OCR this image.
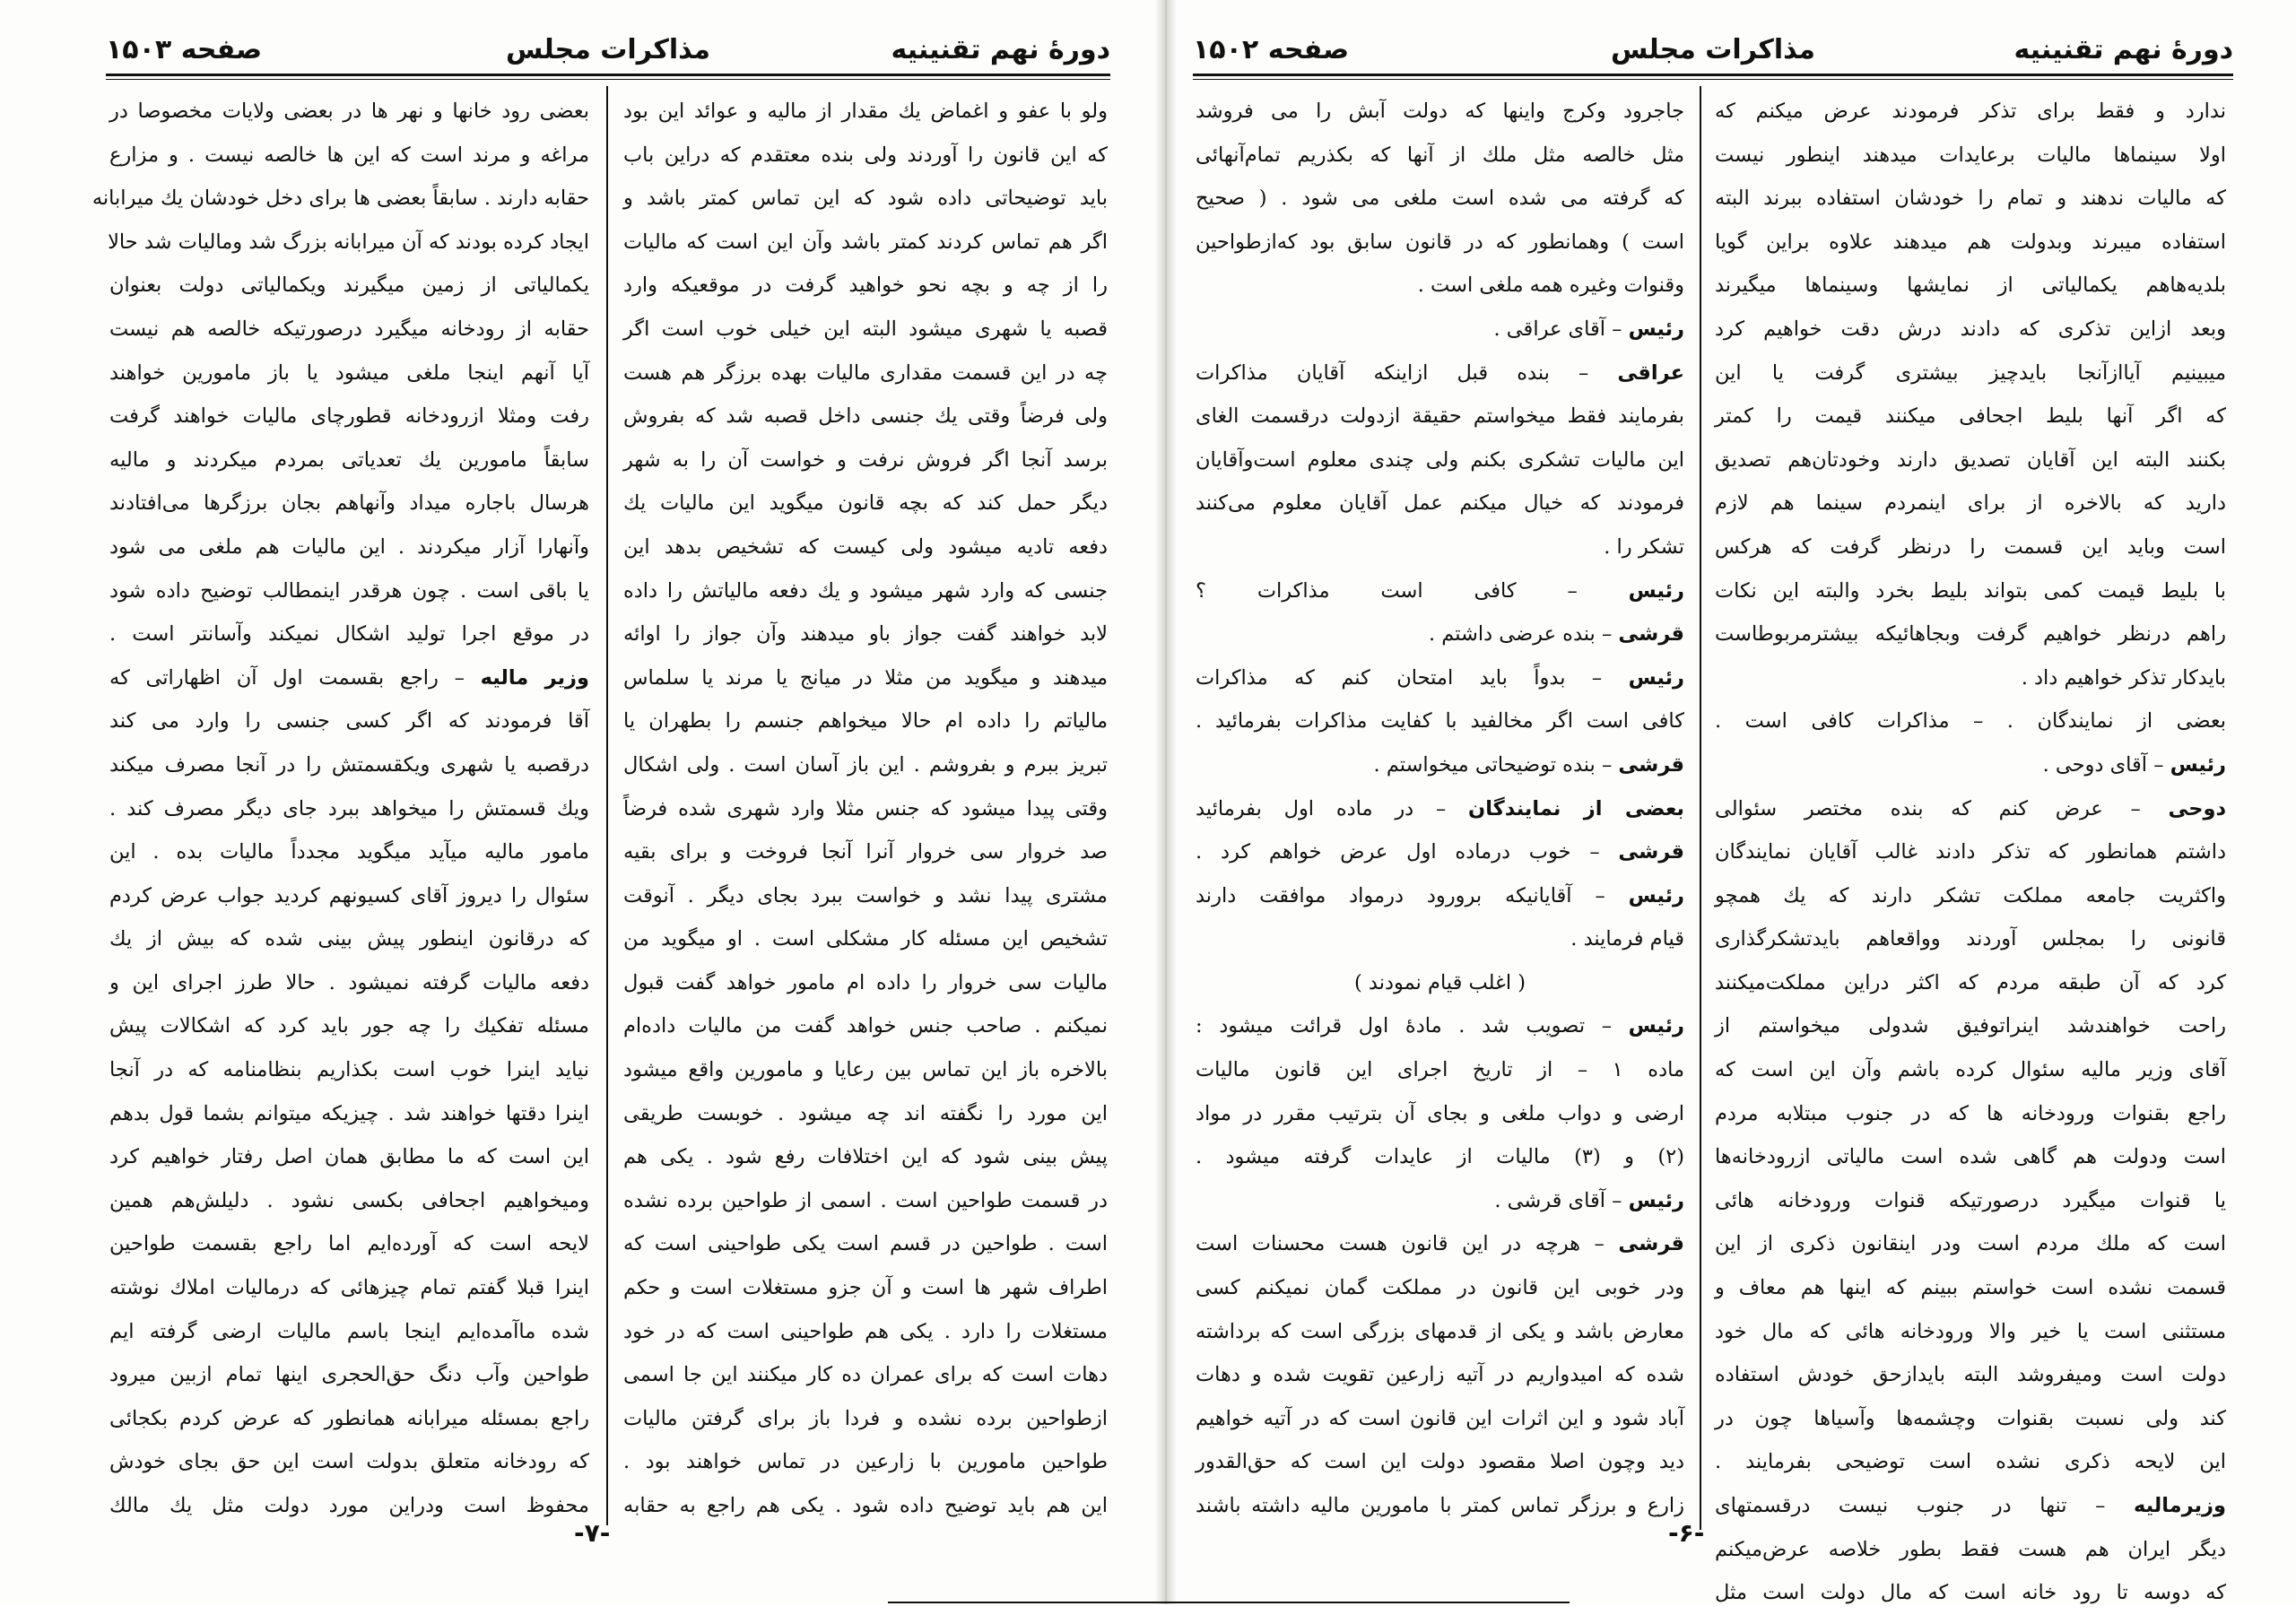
دورهٔ نهم تقنینیه
مذاکرات مجلس
صفحه ۱۵۰۳
ولو با عفو و اغماض یك مقدار از مالیه و عوائد این بود
كه این قانون را آوردند ولی بنده معتقدم كه دراین باب
باید توضیحاتی داده شود كه این تماس كمتر باشد و
اگر هم تماس كردند كمتر باشد وآن این است كه مالیات
را از چه و بچه نحو خواهید گرفت در موقعیكه وارد
قصبه یا شهری میشود البته این خیلی خوب است اگر
چه در این قسمت مقداری مالیات بهده برزگر هم هست
ولی فرضاً وقتی یك جنسی داخل قصبه شد كه بفروش
برسد آنجا اگر فروش نرفت و خواست آن را به شهر
دیگر حمل كند كه بچه قانون میگوید این مالیات یك
دفعه تادیه میشود ولی كیست كه تشخیص بدهد این
جنسی كه وارد شهر میشود و یك دفعه مالیاتش را داده
لابد خواهند گفت جواز باو میدهند وآن جواز را اوائه
میدهند و میگوید من مثلا در میانج یا مرند یا سلماس
مالیاتم را داده ام حالا میخواهم جنسم را بطهران یا
تبریز ببرم و بفروشم . این باز آسان است . ولی اشكال
وقتی پیدا میشود كه جنس مثلا وارد شهری شده فرضاً
صد خروار سی خروار آنرا آنجا فروخت و برای بقیه
مشتری پیدا نشد و خواست ببرد بجای دیگر . آنوقت
تشخیص این مسئله كار مشكلی است . او میگوید من
مالیات سی خروار را داده ام مامور خواهد گفت قبول
نمیكنم . صاحب جنس خواهد گفت من مالیات داده‌ام
بالاخره باز این تماس بین رعایا و مامورین واقع میشود
این مورد را نگفته اند چه میشود . خوبست طریقی
پیش بینی شود كه این اختلافات رفع شود . یكی هم
در قسمت طواحین است . اسمی از طواحین برده نشده
است . طواحین در قسم است یكی طواحینی است كه
اطراف شهر ها است و آن جزو مستغلات است و حكم
مستغلات را دارد . یكی هم طواحینی است كه در خود
دهات است كه برای عمران ده كار میكنند این جا اسمی
ازطواحین برده نشده و فردا باز برای گرفتن مالیات
طواحین مامورین با زارعین در تماس خواهند بود .
این هم باید توضیح داده شود . یكی هم راجع به حقابه
بعضی رود خانها و نهر ها در بعضی ولایات مخصوصا در
مراغه و مرند است كه این ها خالصه نیست . و مزارع
حقابه دارند . سابقاً بعضی ها برای دخل خودشان یك میرابانه
ایجاد كرده بودند كه آن میرابانه بزرگ شد ومالیات شد حالا
یكمالیاتی از زمین میگیرند ویكمالیاتی دولت بعنوان
حقابه از رودخانه میگیرد درصورتیكه خالصه هم نیست
آیا آنهم اینجا ملغی میشود یا باز مامورین خواهند
رفت ومثلا ازرودخانه قطورچای مالیات خواهند گرفت
سابقاً مامورین یك تعدیاتی بمردم میكردند و مالیه
هرسال باجاره میداد وآنهاهم بجان برزگرها می‌افتادند
وآنهارا آزار میكردند . این مالیات هم ملغی می شود
یا باقی است . چون هرقدر اینمطالب توضیح داده شود
در موقع اجرا تولید اشكال نمیكند وآسانتر است .
وزیر مالیه – راجع بقسمت اول آن اظهاراتی كه
آقا فرمودند كه اگر كسی جنسی را وارد می كند
درقصبه یا شهری ویكقسمتش را در آنجا مصرف میكند
ویك قسمتش را میخواهد ببرد جای دیگر مصرف كند .
مامور مالیه میآید میگوید مجدداً مالیات بده . این
سئوال را دیروز آقای كسیونهم كردید جواب عرض كردم
كه درقانون اینطور پیش بینی شده كه بیش از یك
دفعه مالیات گرفته نمیشود . حالا طرز اجرای این و
مسئله تفكیك را چه جور باید كرد كه اشكالات پیش
نیاید اینرا خوب است بكذاریم بنظامنامه كه در آنجا
اینرا دقتها خواهند شد . چیزیكه میتوانم بشما قول بدهم
این است كه ما مطابق همان اصل رفتار خواهیم كرد
ومیخواهیم اجحافی بكسی نشود . دلیلش‌هم همین
لایحه است كه آورده‌ایم اما راجع بقسمت طواحین
اینرا قبلا گفتم تمام چیزهائی كه درمالیات املاك نوشته
شده ماآمده‌ایم اینجا باسم مالیات ارضی گرفته ایم
طواحین وآب دنگ حق‌الحجری اینها تمام ازبین میرود
راجع بمسئله میرابانه همانطور كه عرض كردم بكجائی
كه رودخانه متعلق بدولت است این حق بجای خودش
محفوظ است ودراین مورد دولت مثل یك مالك
-۷-
دورهٔ نهم تقنینیه
مذاکرات مجلس
صفحه ۱۵۰۲
ندارد و فقط برای تذكر فرمودند عرض میكنم كه
اولا سینماها مالیات برعایدات میدهند اینطور نیست
كه مالیات ندهند و تمام را خودشان استفاده ببرند البته
استفاده میبرند وبدولت هم میدهند علاوه براین گویا
بلدیه‌هاهم یكمالیاتی از نمایشها وسینماها میگیرند
وبعد ازاین تذكری كه دادند درش دقت خواهیم كرد
میبینیم آیا‌ازآنجا بایدچیز بیشتری گرفت یا این
كه اگر آنها بلیط اجحافی میكنند قیمت را كمتر
بكنند البته این آقایان تصدیق دارند وخودتان‌هم تصدیق
دارید كه بالاخره از برای اینمردم سینما هم لازم
است وباید این قسمت را درنظر گرفت كه هركس
با بلیط قیمت كمی بتواند بلیط بخرد والبته این نكات
راهم درنظر خواهیم گرفت وبجاهائیكه بیشترمربوطاست
بایدكار تذكر خواهیم داد .
بعضی از نمایندگان . – مذاكرات كافی است .
رئیس – آقای دوحی .
دوحی – عرض كنم كه بنده مختصر سئوالی
داشتم همانطور كه تذكر دادند غالب آقایان نمایندگان
واكثریت جامعه مملكت تشكر دارند كه یك همچو
قانونی را بمجلس آوردند وواقعاهم بایدتشكرگذاری
كرد كه آن طبقه مردم كه اكثر دراین مملكت‌میكنند
راحت خواهندشد اینراتوفیق شد‌ولی میخواستم از
آقای وزیر مالیه سئوال كرده باشم وآن این است كه
راجع بقنوات ورودخانه ها كه در جنوب مبتلابه مردم
است ودولت هم گاهی شده است مالیاتی ازرودخانه‌ها
یا قنوات میگیرد درصورتیكه قنوات ورودخانه هائی
است كه ملك مردم است ودر اینقانون ذكری از این
قسمت نشده است خواستم ببینم كه اینها هم معاف و
مستثنی است یا خیر والا ورودخانه هائی كه مال خود
دولت است ومیفروشد البته بایداز‌حق خودش استفاده
كند ولی نسبت بقنوات وچشمه‌ها وآسیاها چون در
این لایحه ذكری نشده است توضیحی بفرمایند .
وزیرمالیه – تنها در جنوب نیست درقسمتهای
دیگر ایران هم هست فقط بطور خلاصه عرض‌میكنم
كه دوسه تا رود خانه است كه مال دولت است مثل
جاجرود وكرج واینها كه دولت آبش را می فروشد
مثل خالصه مثل ملك از آنها كه بكذریم تمام‌آنهائی
كه گرفته می شده است ملغی می شود . ( صحیح
است ) وهمانطور كه در قانون سابق بود كه‌ازطواحین
وقنوات وغیره همه ملغی است .
رئیس – آقای عراقی .
عراقی – بنده قبل ازاینكه آقایان مذاكرات
بفرمایند فقط میخواستم حقیقة ازدولت درقسمت الغای
این مالیات تشكری بكنم ولی چندی معلوم است‌وآقایان
فرمودند كه خیال میكنم عمل آقایان معلوم می‌كنند
تشكر را .
رئیس – كافی است مذاكرات ؟
قرشی – بنده عرضی داشتم .
رئیس – بدواً باید امتحان كنم كه مذاكرات
كافی است اگر مخالفید با كفایت مذاكرات بفرمائید .
قرشی – بنده توضیحاتی میخواستم .
بعضی از نمایندگان – در ماده اول بفرمائید
قرشی – خوب درماده اول عرض خواهم كرد .
رئیس – آقایانیكه برورود درمواد موافقت دارند
قیام فرمایند .
( اغلب قیام نمودند )
رئیس – تصویب شد . مادهٔ اول قرائت میشود :
ماده ۱ – از تاریخ اجرای این قانون مالیات
ارضی و دواب ملغی و بجای آن بترتیب مقرر در مواد
(۲) و (۳) مالیات از عایدات گرفته میشود .
رئیس – آقای قرشی .
قرشی – هرچه در این قانون هست محسنات است
ودر خوبی این قانون در مملكت گمان نمیكنم كسی
معارض باشد و یكی از قدمهای بزرگی است كه برداشته
شده كه امیدواریم در آتیه زارعین تقویت شده و دهات
آباد شود و این اثرات این قانون است كه در آتیه خواهیم
دید وچون اصلا مقصود دولت این است كه حق‌القدور
زارع و برزگر تماس كمتر با مامورین مالیه داشته باشند
-۶-
